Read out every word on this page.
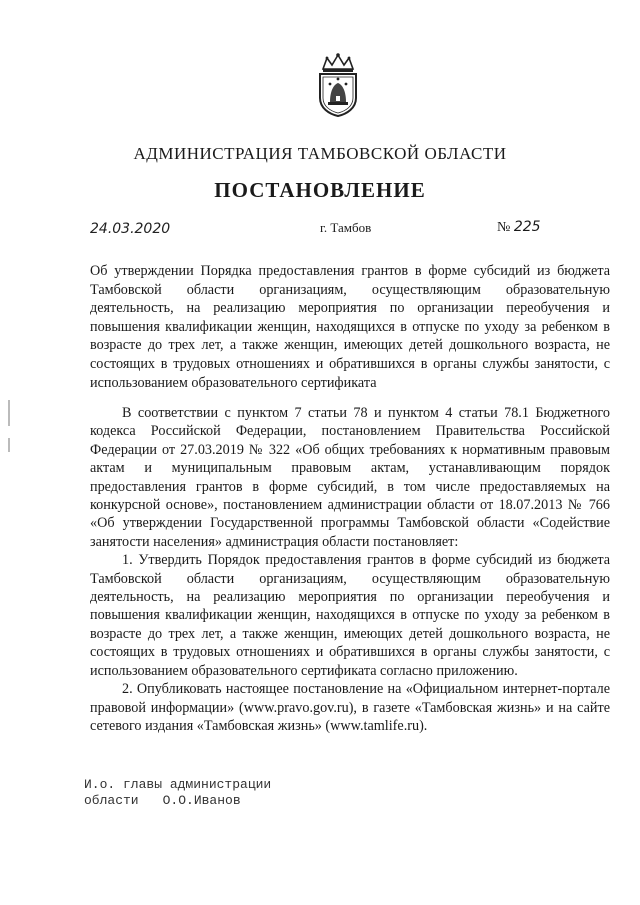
АДМИНИСТРАЦИЯ ТАМБОВСКОЙ ОБЛАСТИ
ПОСТАНОВЛЕНИЕ
24.03.2020	г. Тамбов	№ 225
Об утверждении Порядка предоставления грантов в форме субсидий из бюджета Тамбовской области организациям, осуществляющим образовательную деятельность, на реализацию мероприятия по организации переобучения и повышения квалификации женщин, находящихся в отпуске по уходу за ребенком в возрасте до трех лет, а также женщин, имеющих детей дошкольного возраста, не состоящих в трудовых отношениях и обратившихся в органы службы занятости, с использованием образовательного сертификата

В соответствии с пунктом 7 статьи 78 и пунктом 4 статьи 78.1 Бюджетного кодекса Российской Федерации, постановлением Правительства Российской Федерации от 27.03.2019 № 322 «Об общих требованиях к нормативным правовым актам и муниципальным правовым актам, устанавливающим порядок предоставления грантов в форме субсидий, в том числе предоставляемых на конкурсной основе», постановлением администрации области от 18.07.2013 № 766 «Об утверждении Государственной программы Тамбовской области «Содействие занятости населения» администрация области постановляет:

1. Утвердить Порядок предоставления грантов в форме субсидий из бюджета Тамбовской области организациям, осуществляющим образовательную деятельность, на реализацию мероприятия по организации переобучения и повышения квалификации женщин, находящихся в отпуске по уходу за ребенком в возрасте до трех лет, а также женщин, имеющих детей дошкольного возраста, не состоящих в трудовых отношениях и обратившихся в органы службы занятости, с использованием образовательного сертификата согласно приложению.

2. Опубликовать настоящее постановление на «Официальном интернет-портале правовой информации» (www.pravo.gov.ru), в газете «Тамбовская жизнь» и на сайте сетевого издания «Тамбовская жизнь» (www.tamlife.ru).

И.о. главы администрации
области О.О.Иванов
